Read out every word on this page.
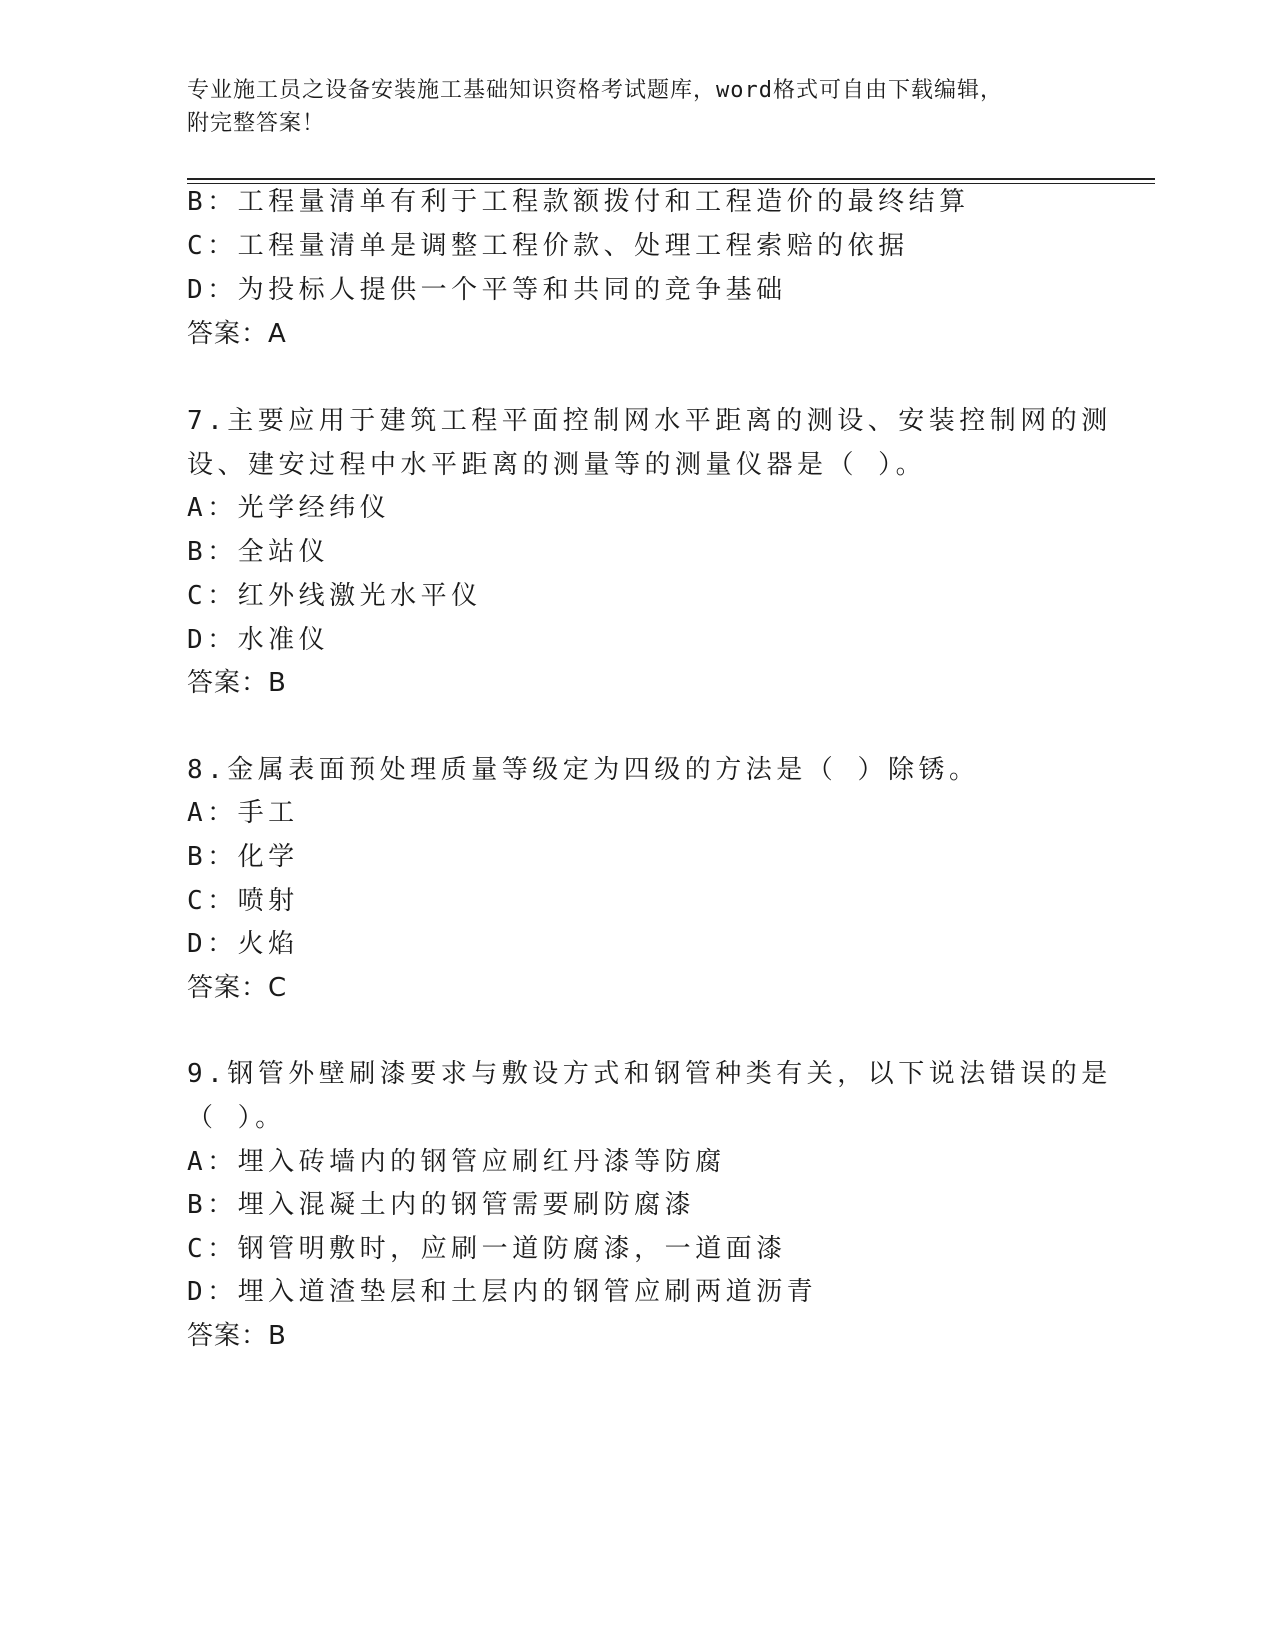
专业施工员之设备安装施工基础知识资格考试题库，word格式可自由下载编辑，
附完整答案！
B：工程量清单有利于工程款额拨付和工程造价的最终结算
C：工程量清单是调整工程价款、处理工程索赔的依据
D：为投标人提供一个平等和共同的竞争基础
答案：A
7.主要应用于建筑工程平面控制网水平距离的测设、安装控制网的测
设、建安过程中水平距离的测量等的测量仪器是（ ）。
A：光学经纬仪
B：全站仪
C：红外线激光水平仪
D：水准仪
答案：B
8.金属表面预处理质量等级定为四级的方法是（ ）除锈。
A：手工
B：化学
C：喷射
D：火焰
答案：C
9.钢管外壁刷漆要求与敷设方式和钢管种类有关，以下说法错误的是
（ ）。
A：埋入砖墙内的钢管应刷红丹漆等防腐
B：埋入混凝土内的钢管需要刷防腐漆
C：钢管明敷时，应刷一道防腐漆，一道面漆
D：埋入道渣垫层和土层内的钢管应刷两道沥青
答案：B
